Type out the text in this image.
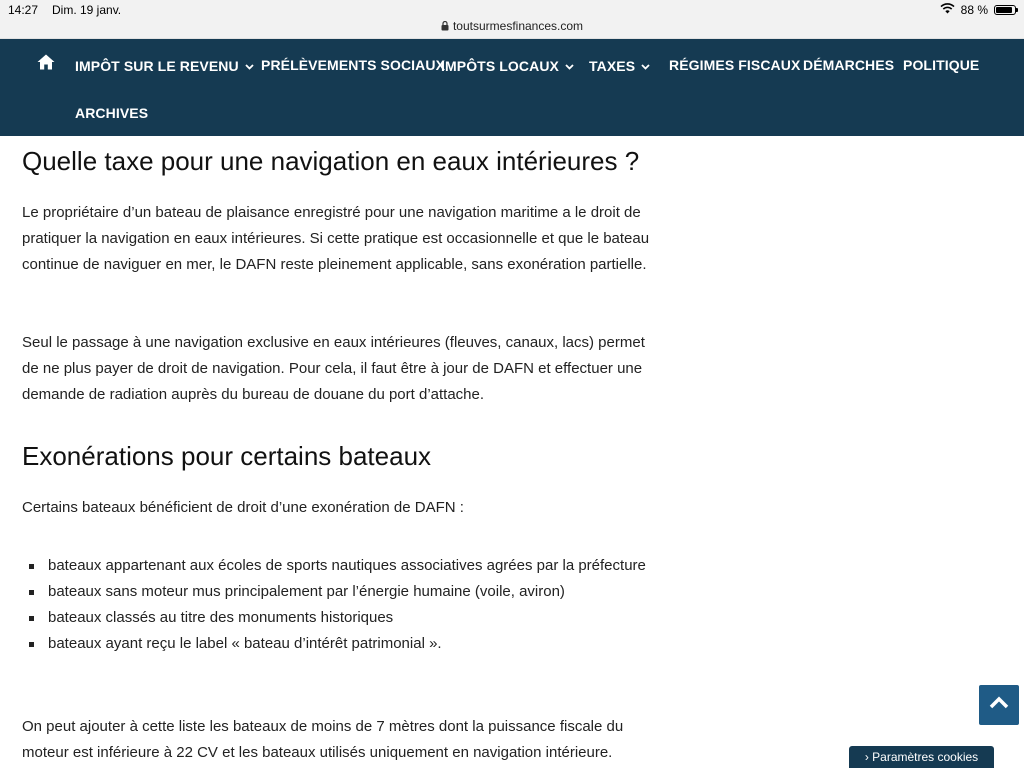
14:27 Dim. 19 janv.
toutsurmesfinances.com
88 %
IMPÔT SUR LE REVENU	PRÉLÈVEMENTS SOCIAUX
IMPÔTS LOCAUX	TAXES	RÉGIMES FISCAUX DÉMARCHES POLITIQUE
ARCHIVES
Quelle taxe pour une navigation en eaux intérieures ?

Le propriétaire d’un bateau de plaisance enregistré pour une navigation maritime a le droit de pratiquer la navigation en eaux intérieures. Si cette pratique est occasionnelle et que le bateau continue de naviguer en mer, le DAFN reste pleinement applicable, sans exonération partielle.

Seul le passage à une navigation exclusive en eaux intérieures (fleuves, canaux, lacs) permet de ne plus payer de droit de navigation. Pour cela, il faut être à jour de DAFN et effectuer une demande de radiation auprès du bureau de douane du port d’attache.

Exonérations pour certains bateaux

Certains bateaux bénéficient de droit d’une exonération de DAFN :

bateaux appartenant aux écoles de sports nautiques associatives agrées par la préfecture
bateaux sans moteur mus principalement par l’énergie humaine (voile, aviron)
bateaux classés au titre des monuments historiques
bateaux ayant reçu le label « bateau d’intérêt patrimonial ».

On peut ajouter à cette liste les bateaux de moins de 7 mètres dont la puissance fiscale du moteur est inférieure à 22 CV et les bateaux utilisés uniquement en navigation intérieure.	› Paramètres cookies
